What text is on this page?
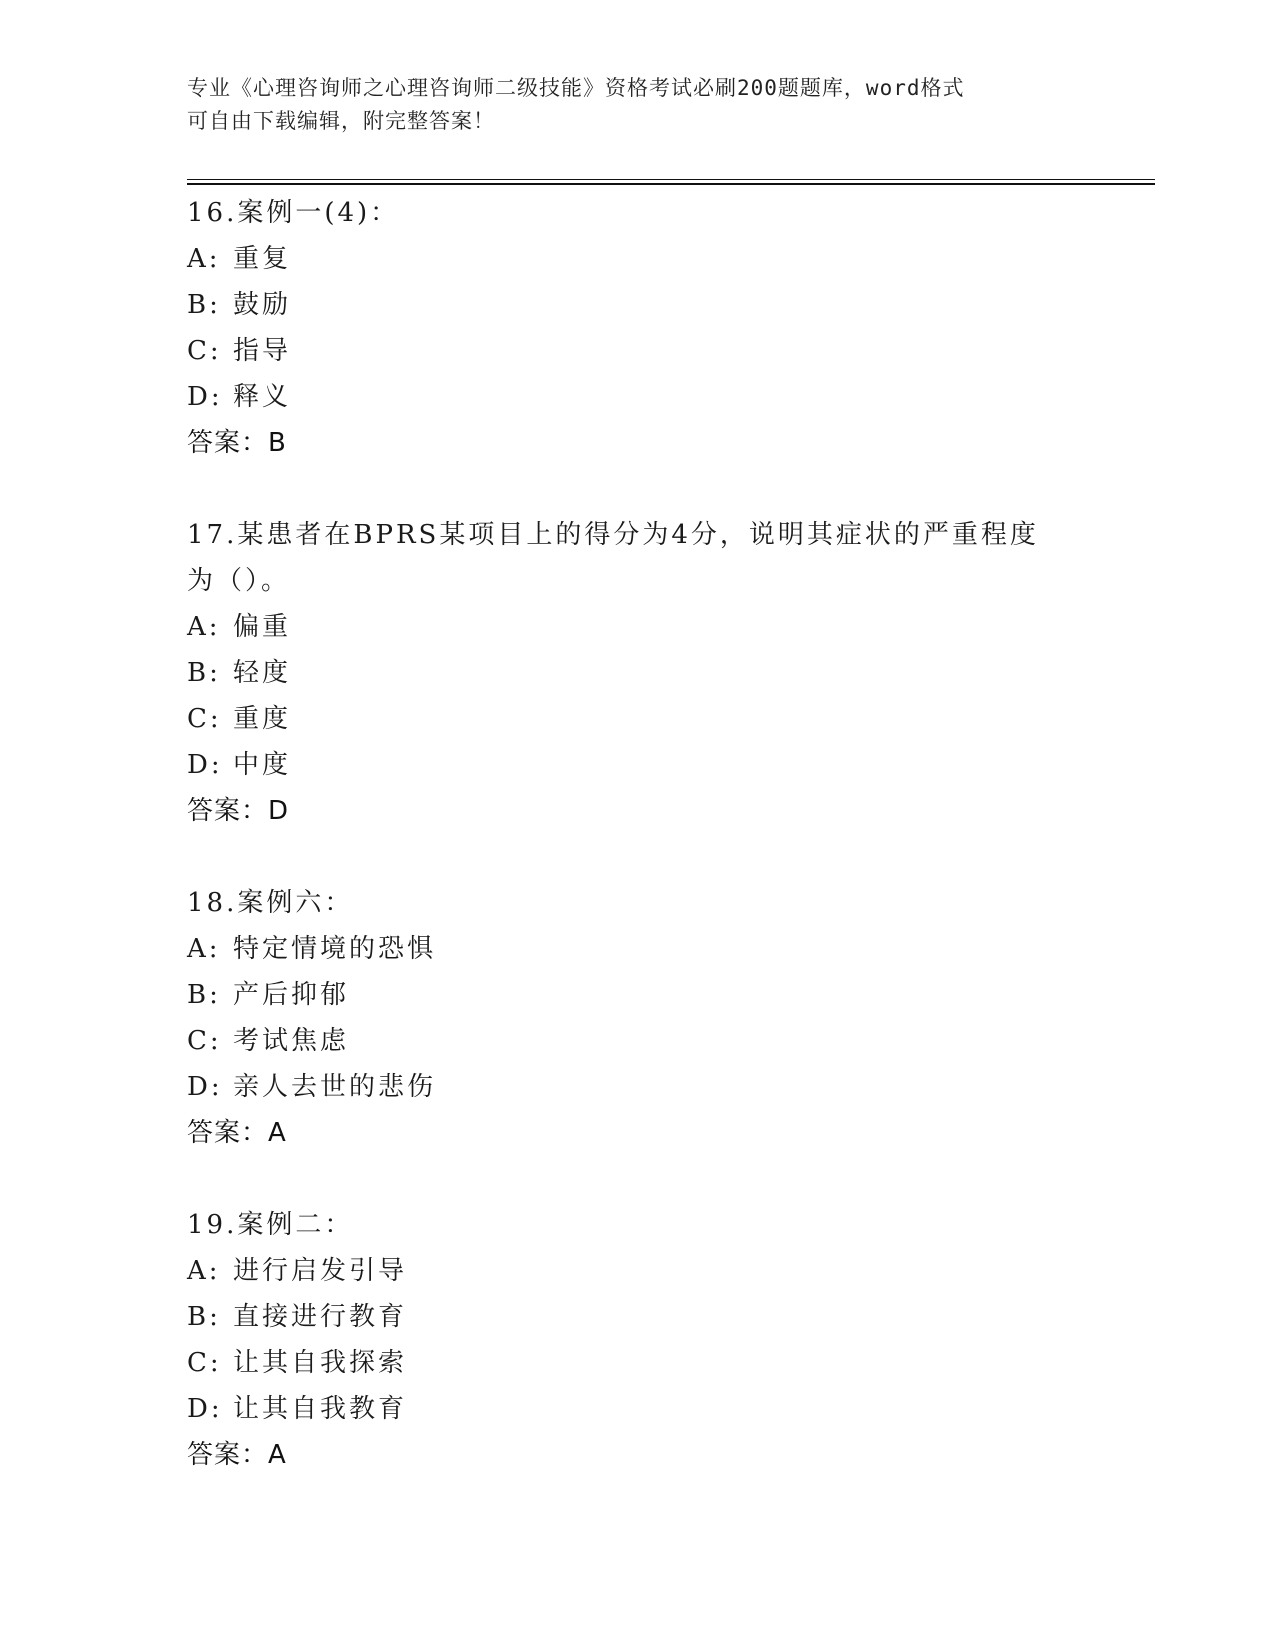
专业《心理咨询师之心理咨询师二级技能》资格考试必刷200题题库，word格式
可自由下载编辑，附完整答案！
16.案例一(4)：
A: 重复
B: 鼓励
C: 指导
D: 释义
答案：B
17.某患者在BPRS某项目上的得分为4分，说明其症状的严重程度为（）。
A: 偏重
B: 轻度
C: 重度
D: 中度
答案：D
18.案例六：
A: 特定情境的恐惧
B: 产后抑郁
C: 考试焦虑
D: 亲人去世的悲伤
答案：A
19.案例二：
A: 进行启发引导
B: 直接进行教育
C: 让其自我探索
D: 让其自我教育
答案：A
